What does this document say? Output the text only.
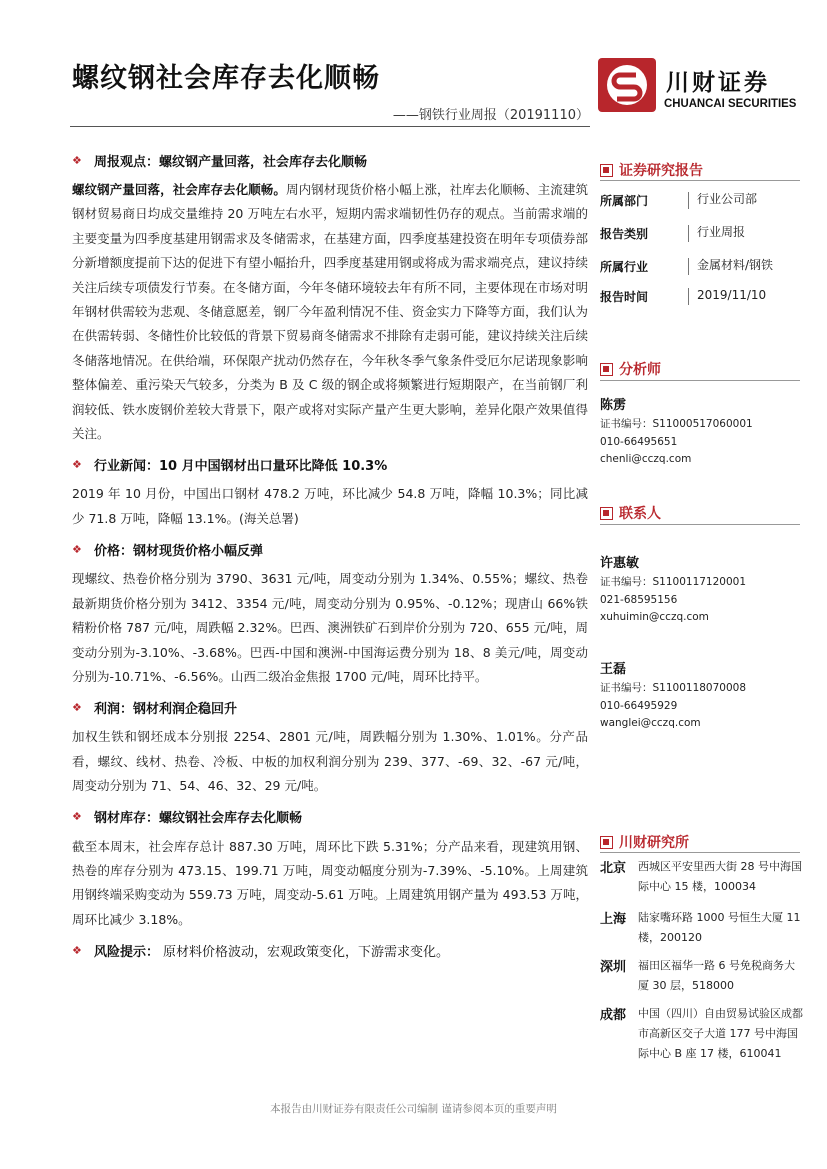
螺纹钢社会库存去化顺畅
——钢铁行业周报（20191110）
川财证券
CHUANCAI SECURITIES
❖ 周报观点：螺纹钢产量回落，社会库存去化顺畅

螺纹钢产量回落，社会库存去化顺畅。周内钢材现货价格小幅上涨，社库去化顺畅、主流建筑钢材贸易商日均成交量维持 20 万吨左右水平，短期内需求端韧性仍存的观点。当前需求端的主要变量为四季度基建用钢需求及冬储需求，在基建方面，四季度基建投资在明年专项债券部分新增额度提前下达的促进下有望小幅抬升，四季度基建用钢或将成为需求端亮点，建议持续关注后续专项债发行节奏。在冬储方面，今年冬储环境较去年有所不同，主要体现在市场对明年钢材供需较为悲观、冬储意愿差，钢厂今年盈利情况不佳、资金实力下降等方面，我们认为在供需转弱、冬储性价比较低的背景下贸易商冬储需求不排除有走弱可能，建议持续关注后续冬储落地情况。在供给端，环保限产扰动仍然存在，今年秋冬季气象条件受厄尔尼诺现象影响整体偏差、重污染天气较多，分类为 B 及 C 级的钢企或将频繁进行短期限产，在当前钢厂利润较低、铁水废钢价差较大背景下，限产或将对实际产量产生更大影响，差异化限产效果值得关注。

❖ 行业新闻：10 月中国钢材出口量环比降低 10.3%

2019 年 10 月份，中国出口钢材 478.2 万吨，环比减少 54.8 万吨，降幅 10.3%；同比减少 71.8 万吨，降幅 13.1%。(海关总署)

❖ 价格：钢材现货价格小幅反弹

现螺纹、热卷价格分别为 3790、3631 元/吨，周变动分别为 1.34%、0.55%；螺纹、热卷最新期货价格分别为 3412、3354 元/吨，周变动分别为 0.95%、-0.12%；现唐山 66%铁精粉价格 787 元/吨，周跌幅 2.32%。巴西、澳洲铁矿石到岸价分别为 720、655 元/吨，周变动分别为-3.10%、-3.68%。巴西-中国和澳洲-中国海运费分别为 18、8 美元/吨，周变动分别为-10.71%、-6.56%。山西二级冶金焦报 1700 元/吨，周环比持平。

❖ 利润：钢材利润企稳回升

加权生铁和钢坯成本分别报 2254、2801 元/吨，周跌幅分别为 1.30%、1.01%。分产品看，螺纹、线材、热卷、冷板、中板的加权利润分别为 239、377、-69、32、-67 元/吨，周变动分别为 71、54、46、32、29 元/吨。

❖ 钢材库存：螺纹钢社会库存去化顺畅

截至本周末，社会库存总计 887.30 万吨，周环比下跌 5.31%；分产品来看，现建筑用钢、热卷的库存分别为 473.15、199.71 万吨，周变动幅度分别为-7.39%、-5.10%。上周建筑用钢终端采购变动为 559.73 万吨，周变动-5.61 万吨。上周建筑用钢产量为 493.53 万吨，周环比减少 3.18%。

❖ 风险提示： 原材料价格波动，宏观政策变化，下游需求变化。
证券研究报告
所属部门	行业公司部
报告类别	行业周报
所属行业	金属材料/钢铁
报告时间	2019/11/10
分析师
陈雳
证书编号：S1100051706000​1
010-66495651
chenli@cczq.com
联系人
许惠敏
证书编号：S1100117120001
021-68595156
xuhuimin@cczq.com
王磊
证书编号：S1100118070008
010-66495929
wanglei@cczq.com
川财研究所
北京	西城区平安里西大街 28 号中海国际中心 15 楼，100034
上海	陆家嘴环路 1000 号恒生大厦 11 楼，200120
深圳	福田区福华一路 6 号免税商务大厦 30 层，518000
成都	中国（四川）自由贸易试验区成都市高新区交子大道 177 号中海国际中心 B 座 17 楼，610041
本报告由川财证券有限责任公司编制 谨请参阅本页的重要声明
